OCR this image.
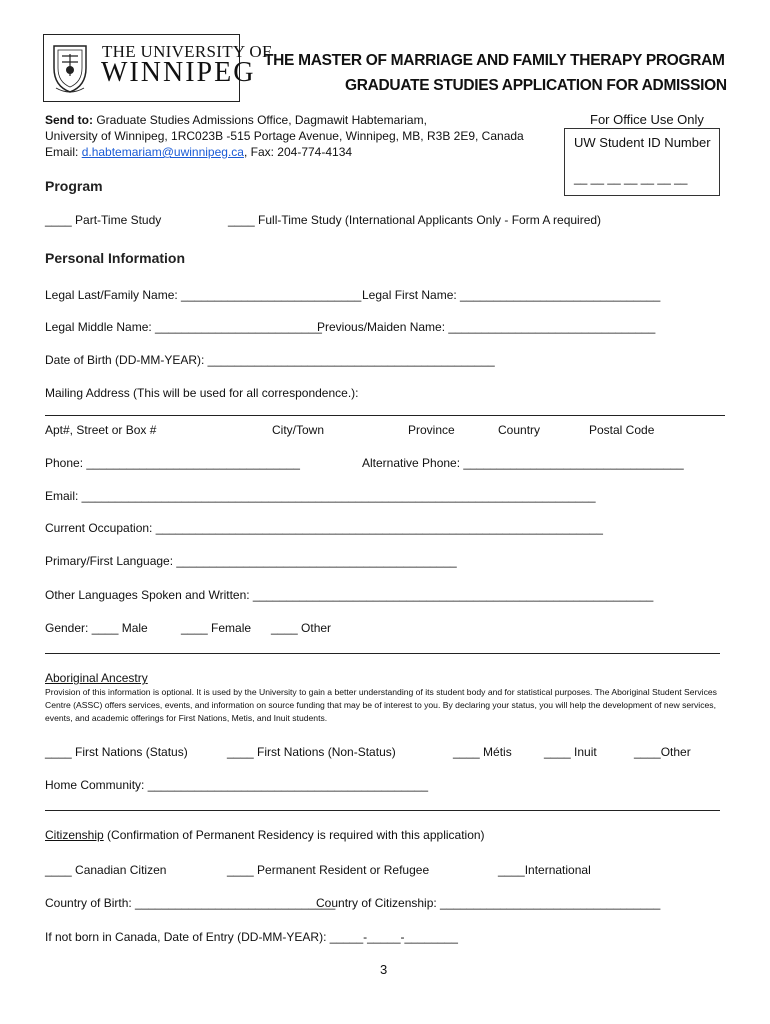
THE UNIVERSITY OF
WINNIPEG THE MASTER OF MARRIAGE AND FAMILY THERAPY PROGRAM
GRADUATE STUDIES APPLICATION FOR ADMISSION
Send to: Graduate Studies Admissions Office, Dagmawit Habtemariam,
University of Winnipeg, 1RC023B -515 Portage Avenue, Winnipeg, MB, R3B 2E9, Canada
Email: d.habtemariam@uwinnipeg.ca, Fax: 204-774-4134
For Office Use Only
UW Student ID Number
__ __ __ __ __ __ __
Program
____ Part-Time Study	____ Full-Time Study (International Applicants Only - Form A required)
Personal Information
Legal Last/Family Name: ___________________________ Legal First Name: ______________________________
Legal Middle Name: _________________________
Previous/Maiden Name: _______________________________
Date of Birth (DD-MM-YEAR): ___________________________________________
Mailing Address (This will be used for all correspondence.):
Apt#, Street or Box #	City/Town	Province	Country	Postal Code
Phone: ________________________________	Alternative Phone: _________________________________
Email: _____________________________________________________________________________
Current Occupation: ___________________________________________________________________
Primary/First Language: __________________________________________
Other Languages Spoken and Written: ____________________________________________________________
Gender: ____ Male	____ Female ____ Other
Aboriginal Ancestry
Provision of this information is optional. It is used by the University to gain a better understanding of its student body and for statistical purposes. The Aboriginal Student Services Centre (ASSC) offers services, events, and information on source funding that may be of interest to you. By declaring your status, you will help the development of new services, events, and academic offerings for First Nations, Metis, and Inuit students.
____ First Nations (Status)	____ First Nations (Non-Status)	____ Métis	____ Inuit	____Other
Home Community: __________________________________________
Citizenship (Confirmation of Permanent Residency is required with this application)
____ Canadian Citizen	____ Permanent Resident or Refugee	____International
Country of Birth: ______________________________
Country of Citizenship: _________________________________
If not born in Canada, Date of Entry (DD-MM-YEAR): _____-_____-________
3
